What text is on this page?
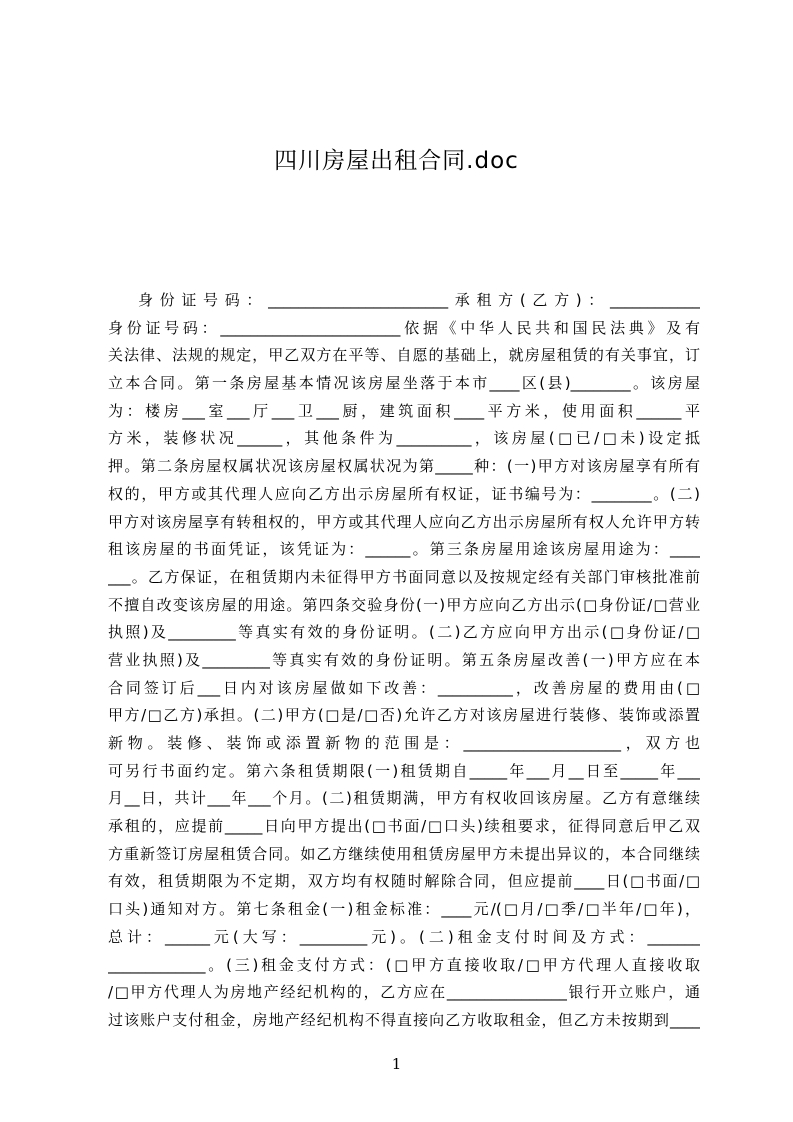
四川房屋出租合同.doc
身份证号码：________________________承租方(乙方)：____________
身份证号码：________________________依据《中华人民共和国民法典》及有
关法律、法规的规定，甲乙双方在平等、自愿的基础上，就房屋租赁的有关事宜，订
立本合同。第一条房屋基本情况该房屋坐落于本市____区(县)________。该房屋
为：楼房___室___厅___卫___厨，建筑面积____平方米，使用面积______平
方米，装修状况______，其他条件为__________，该房屋(□已/□未)设定抵
押。第二条房屋权属状况该房屋权属状况为第_____种：(一)甲方对该房屋享有所有
权的，甲方或其代理人应向乙方出示房屋所有权证，证书编号为：________。(二)
甲方对该房屋享有转租权的，甲方或其代理人应向乙方出示房屋所有权人允许甲方转
租该房屋的书面凭证，该凭证为：______。第三条房屋用途该房屋用途为：____
___。乙方保证，在租赁期内未征得甲方书面同意以及按规定经有关部门审核批准前
不擅自改变该房屋的用途。第四条交验身份(一)甲方应向乙方出示(□身份证/□营业
执照)及_________等真实有效的身份证明。(二)乙方应向甲方出示(□身份证/□
营业执照)及_________等真实有效的身份证明。第五条房屋改善(一)甲方应在本
合同签订后___日内对该房屋做如下改善：__________，改善房屋的费用由(□
甲方/□乙方)承担。(二)甲方(□是/□否)允许乙方对该房屋进行装修、装饰或添置
新物。装修、装饰或添置新物的范围是：_____________________，双方也
可另行书面约定。第六条租赁期限(一)租赁期自_____年___月__日至_____年___
月__日，共计___年___个月。(二)租赁期满，甲方有权收回该房屋。乙方有意继续
承租的，应提前_____日向甲方提出(□书面/□口头)续租要求，征得同意后甲乙双
方重新签订房屋租赁合同。如乙方继续使用租赁房屋甲方未提出异议的，本合同继续
有效，租赁期限为不定期，双方均有权随时解除合同，但应提前____日(□书面/□
口头)通知对方。第七条租金(一)租金标准：____元/(□月/□季/□半年/□年)，
总计：______元(大写：_________元)。(二)租金支付时间及方式：_______
_____________。(三)租金支付方式：(□甲方直接收取/□甲方代理人直接收取
/□甲方代理人为房地产经纪机构的，乙方应在________________银行开立账户，通
过该账户支付租金，房地产经纪机构不得直接向乙方收取租金，但乙方未按期到____
1
